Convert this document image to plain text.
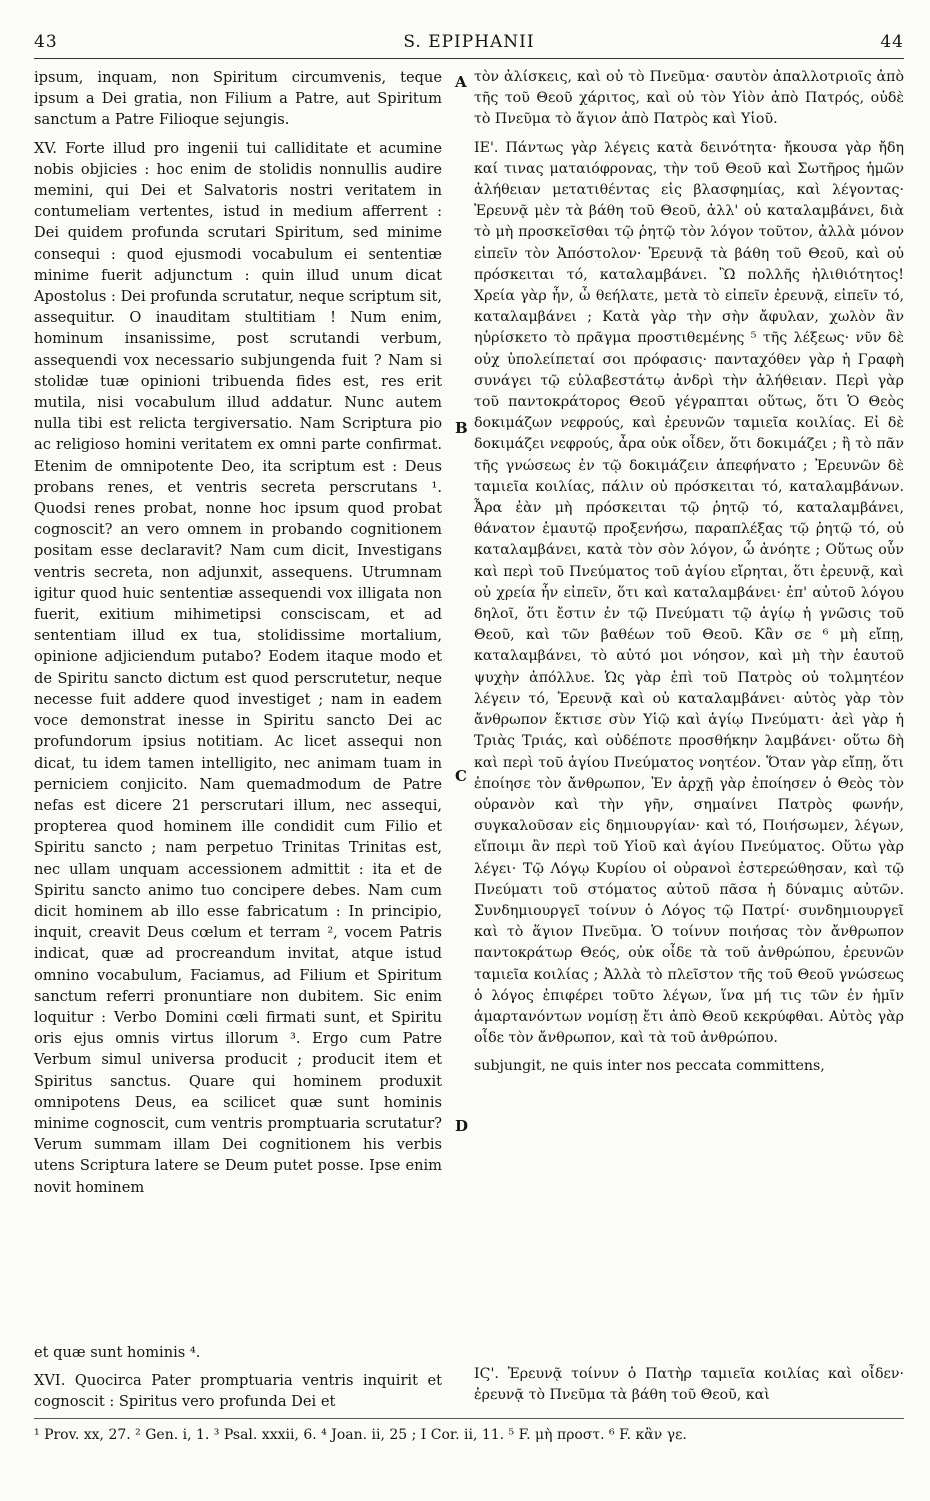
43	S. EPIPHANII	44

ipsum, inquam, non Spiritum circumvenis, teque ipsum a Dei gratia, non Filium a Patre, aut Spiritum sanctum a Patre Filioque sejungis.

XV. Forte illud pro ingenii tui calliditate et acumine nobis objicies : hoc enim de stolidis nonnullis audire memini, qui Dei et Salvatoris nostri veritatem in contumeliam vertentes, istud in medium afferrent : Dei quidem profunda scrutari Spiritum, sed minime consequi : quod ejusmodi vocabulum ei sententiæ minime fuerit adjunctum : quin illud unum dicat Apostolus : Dei profunda scrutatur, neque scriptum sit, assequitur. O inauditam stultitiam ! Num enim, hominum insanissime, post scrutandi verbum, assequendi vox necessario subjungenda fuit ? Nam si stolidæ tuæ opinioni tribuenda fides est, res erit mutila, nisi vocabulum illud addatur. Nunc autem nulla tibi est relicta tergiversatio. Nam Scriptura pio ac religioso homini veritatem ex omni parte confirmat. Etenim de omnipotente Deo, ita scriptum est : Deus probans renes, et ventris secreta perscrutans ¹. Quodsi renes probat, nonne hoc ipsum quod probat cognoscit? an vero omnem in probando cognitionem positam esse declaravit? Nam cum dicit, Investigans ventris secreta, non adjunxit, assequens. Utrumnam igitur quod huic sententiæ assequendi vox illigata non fuerit, exitium mihimetipsi consciscam, et ad sententiam illud ex tua, stolidissime mortalium, opinione adjiciendum putabo? Eodem itaque modo et de Spiritu sancto dictum est quod perscrutetur, neque necesse fuit addere quod investiget ; nam in eadem voce demonstrat inesse in Spiritu sancto Dei ac profundorum ipsius notitiam. Ac licet assequi non dicat, tu idem tamen intelligito, nec animam tuam in perniciem conjicito. Nam quemadmodum de Patre nefas est dicere 21 perscrutari illum, nec assequi, propterea quod hominem ille condidit cum Filio et Spiritu sancto ; nam perpetuo Trinitas Trinitas est, nec ullam unquam accessionem admittit : ita et de Spiritu sancto animo tuo concipere debes. Nam cum dicit hominem ab illo esse fabricatum : In principio, inquit, creavit Deus cœlum et terram ², vocem Patris indicat, quæ ad procreandum invitat, atque istud omnino vocabulum, Faciamus, ad Filium et Spiritum sanctum referri pronuntiare non dubitem. Sic enim loquitur : Verbo Domini cœli firmati sunt, et Spiritu oris ejus omnis virtus illorum ³. Ergo cum Patre Verbum simul universa producit ; producit item et Spiritus sanctus. Quare qui hominem produxit omnipotens Deus, ea scilicet quæ sunt hominis minime cognoscit, cum ventris promptuaria scrutatur? Verum summam illam Dei cognitionem his verbis utens Scriptura latere se Deum putet posse. Ipse enim novit hominem

τὸν ἀλίσκεις, καὶ οὐ τὸ Πνεῦμα· σαυτὸν ἀπαλλοτριοῖς ἀπὸ τῆς τοῦ Θεοῦ χάριτος, καὶ οὐ τὸν Υἱὸν ἀπὸ Πατρός, οὐδὲ τὸ Πνεῦμα τὸ ἅγιον ἀπὸ Πατρὸς καὶ Υἱοῦ.

ΙΕ'. Πάντως γὰρ λέγεις κατὰ δεινότητα· ἤκουσα γὰρ ἤδη καί τινας ματαιόφρονας, τὴν τοῦ Θεοῦ καὶ Σωτῆρος ἡμῶν ἀλήθειαν μετατιθέντας εἰς βλασφημίας, καὶ λέγοντας· Ἐρευνᾷ μὲν τὰ βάθη τοῦ Θεοῦ, ἀλλ' οὐ καταλαμβάνει, διὰ τὸ μὴ προσκεῖσθαι τῷ ῥητῷ τὸν λόγον τοῦτον, ἀλλὰ μόνον εἰπεῖν τὸν Ἀπόστολον· Ἐρευνᾷ τὰ βάθη τοῦ Θεοῦ, καὶ οὐ πρόσκειται τό, καταλαμβάνει. Ὢ πολλῆς ἠλιθιότητος! Χρεία γὰρ ἦν, ὦ θεήλατε, μετὰ τὸ εἰπεῖν ἐρευνᾷ, εἰπεῖν τό, καταλαμβάνει ; Κατὰ γὰρ τὴν σὴν ἄφυλαν, χωλὸν ἂν ηὑρίσκετο τὸ πρᾶγμα προστιθεμένης ⁵ τῆς λέξεως· νῦν δὲ οὐχ ὑπολείπεταί σοι πρόφασις· πανταχόθεν γὰρ ἡ Γραφὴ συνάγει τῷ εὐλαβεστάτῳ ἀνδρὶ τὴν ἀλήθειαν. Περὶ γὰρ τοῦ παντοκράτορος Θεοῦ γέγραπται οὕτως, ὅτι Ὁ Θεὸς δοκιμάζων νεφρούς, καὶ ἐρευνῶν ταμιεῖα κοιλίας. Εἰ δὲ δοκιμάζει νεφρούς, ἆρα οὐκ οἶδεν, ὅτι δοκιμάζει ; ἢ τὸ πᾶν τῆς γνώσεως ἐν τῷ δοκιμάζειν ἀπεφήνατο ; Ἐρευνῶν δὲ ταμιεῖα κοιλίας, πάλιν οὐ πρόσκειται τό, καταλαμβάνων. Ἆρα ἐὰν μὴ πρόσκειται τῷ ῥητῷ τό, καταλαμβάνει, θάνατον ἐμαυτῷ προξενήσω, παραπλέξας τῷ ῥητῷ τό, οὐ καταλαμβάνει, κατὰ τὸν σὸν λόγον, ὦ ἀνόητε ; Οὕτως οὖν καὶ περὶ τοῦ Πνεύματος τοῦ ἁγίου εἴρηται, ὅτι ἐρευνᾷ, καὶ οὐ χρεία ἦν εἰπεῖν, ὅτι καὶ καταλαμβάνει· ἐπ' αὐτοῦ λόγου δηλοῖ, ὅτι ἔστιν ἐν τῷ Πνεύματι τῷ ἁγίῳ ἡ γνῶσις τοῦ Θεοῦ, καὶ τῶν βαθέων τοῦ Θεοῦ. Κἂν σε ⁶ μὴ εἴπῃ, καταλαμβάνει, τὸ αὐτό μοι νόησον, καὶ μὴ τὴν ἑαυτοῦ ψυχὴν ἀπόλλυε. Ὡς γὰρ ἐπὶ τοῦ Πατρὸς οὐ τολμητέον λέγειν τό, Ἐρευνᾷ καὶ οὐ καταλαμβάνει· αὐτὸς γὰρ τὸν ἄνθρωπον ἔκτισε σὺν Υἱῷ καὶ ἁγίῳ Πνεύματι· ἀεὶ γὰρ ἡ Τριὰς Τριάς, καὶ οὐδέποτε προσθήκην λαμβάνει· οὕτω δὴ καὶ περὶ τοῦ ἁγίου Πνεύματος νοητέον. Ὅταν γὰρ εἴπῃ, ὅτι ἐποίησε τὸν ἄνθρωπον, Ἐν ἀρχῇ γὰρ ἐποίησεν ὁ Θεὸς τὸν οὐρανὸν καὶ τὴν γῆν, σημαίνει Πατρὸς φωνήν, συγκαλοῦσαν εἰς δημιουργίαν· καὶ τό, Ποιήσωμεν, λέγων, εἴποιμι ἂν περὶ τοῦ Υἱοῦ καὶ ἁγίου Πνεύματος. Οὕτω γὰρ λέγει· Τῷ Λόγῳ Κυρίου οἱ οὐρανοὶ ἐστερεώθησαν, καὶ τῷ Πνεύματι τοῦ στόματος αὐτοῦ πᾶσα ἡ δύναμις αὐτῶν. Συνδημιουργεῖ τοίνυν ὁ Λόγος τῷ Πατρί· συνδημιουργεῖ καὶ τὸ ἅγιον Πνεῦμα. Ὁ τοίνυν ποιήσας τὸν ἄνθρωπον παντοκράτωρ Θεός, οὐκ οἶδε τὰ τοῦ ἀνθρώπου, ἐρευνῶν ταμιεῖα κοιλίας ; Ἀλλὰ τὸ πλεῖστον τῆς τοῦ Θεοῦ γνώσεως ὁ λόγος ἐπιφέρει τοῦτο λέγων, ἵνα μή τις τῶν ἐν ἡμῖν ἁμαρτανόντων νομίσῃ ἔτι ἀπὸ Θεοῦ κεκρύφθαι. Αὐτὸς γὰρ οἶδε τὸν ἄνθρωπον, καὶ τὰ τοῦ ἀνθρώπου.

subjungit, ne quis inter nos peccata committens,

A
B
C
D

et quæ sunt hominis ⁴.

XVI. Quocirca Pater promptuaria ventris inquirit et cognoscit : Spiritus vero profunda Dei et

ΙϚ'. Ἐρευνᾷ τοίνυν ὁ Πατὴρ ταμιεῖα κοιλίας καὶ οἶδεν· ἐρευνᾷ τὸ Πνεῦμα τὰ βάθη τοῦ Θεοῦ, καὶ

¹ Prov. xx, 27. ² Gen. i, 1. ³ Psal. xxxii, 6. ⁴ Joan. ii, 25 ; I Cor. ii, 11. ⁵ F. μὴ προστ. ⁶ F. κἂν γε.
